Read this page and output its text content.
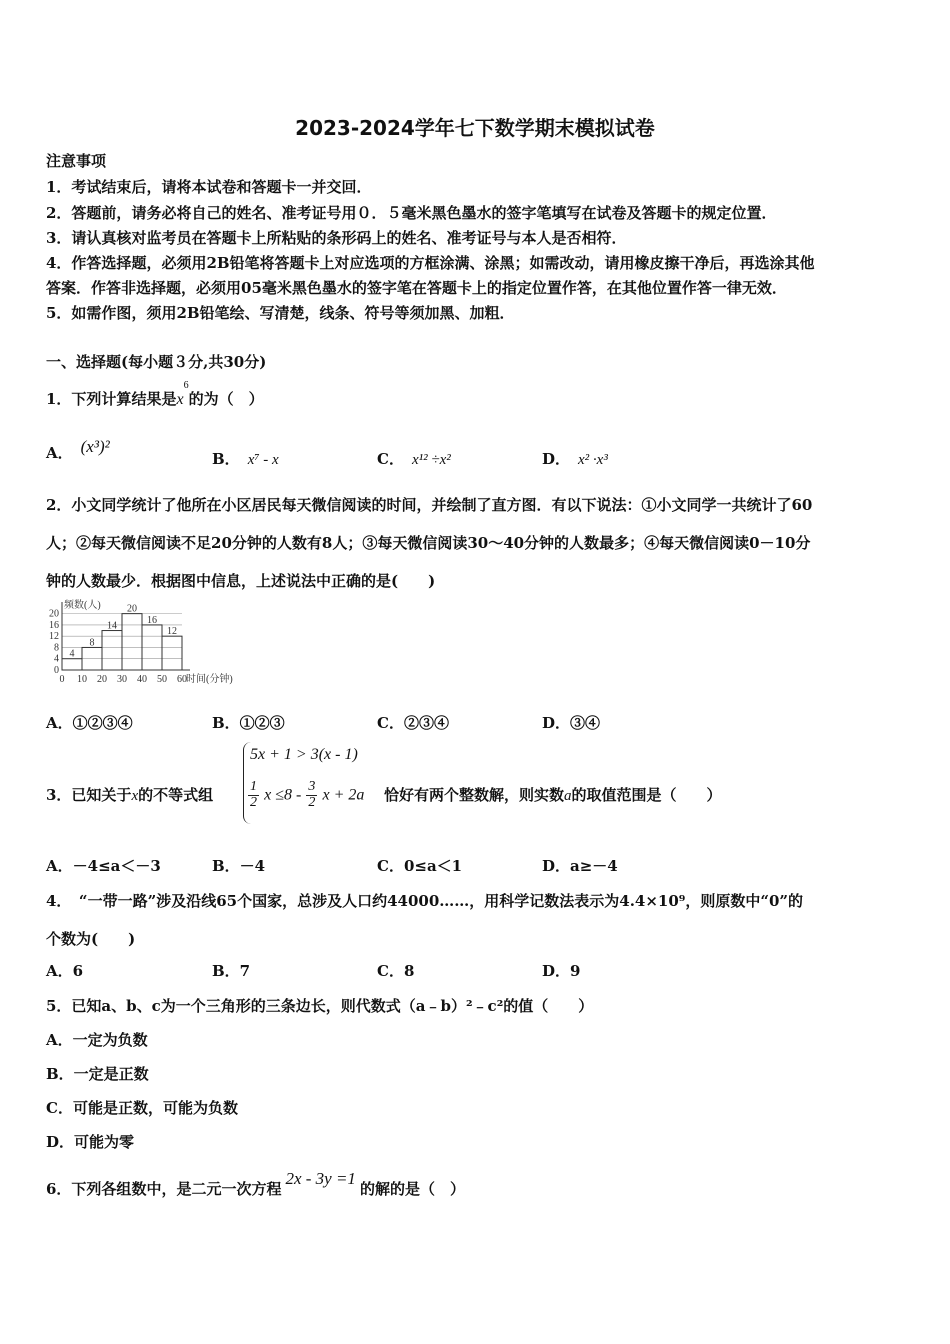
2023-2024学年七下数学期末模拟试卷
注意事项
1．考试结束后，请将本试卷和答题卡一并交回．
2．答题前，请务必将自己的姓名、准考证号用０．５毫米黑色墨水的签字笔填写在试卷及答题卡的规定位置．
3．请认真核对监考员在答题卡上所粘贴的条形码上的姓名、准考证号与本人是否相符．
4．作答选择题，必须用2B铅笔将答题卡上对应选项的方框涂满、涂黑；如需改动，请用橡皮擦干净后，再选涂其他
答案．作答非选择题，必须用05毫米黑色墨水的签字笔在答题卡上的指定位置作答，在其他位置作答一律无效．
5．如需作图，须用2B铅笔绘、写清楚，线条、符号等须加黑、加粗．
一、选择题(每小题３分,共30分)
1．下列计算结果是$x^6$的为（　）
A． (x³)²
B． x⁷ - x	C． x¹² ÷x²	D． x² ·x³
2．小文同学统计了他所在小区居民每天微信阅读的时间，并绘制了直方图．有以下说法：①小文同学一共统计了60
人；②每天微信阅读不足20分钟的人数有8人；③每天微信阅读30～40分钟的人数最多；④每天微信阅读0－10分
钟的人数最少．根据图中信息，上述说法中正确的是(　　)
4
8
14
20
16
12
0
4
8
12
16
20
0 10 20 30 40 50 60
频数(人)
时间(分钟)
A．①②③④	B．①②③	C．②③④	D．③④
3．已知关于x的不等式组
5x + 1 > 3(x - 1)
$\frac{1}{2}$ $x \le 8 - \frac{3}{2}$ x + 2a 恰好有两个整数解，则实数a的取值范围是（　　）
A．－4≤a＜－3	B．－4	C．0≤a＜1	D．a≥－4
4．　“一带一路”涉及沿线65个国家，总涉及人口约44000……，用科学记数法表示为4.4×10⁹，则原数中“0”的
个数为(　　)
A．6	B．7	C．8	D．9
5．已知a、b、c为一个三角形的三条边长，则代数式（a﹣b）²﹣c²的值（　　）
A．一定为负数
B．一定是正数
C．可能是正数，可能为负数
D．可能为零
6．下列各组数中，是二元一次方程2x - 3y =1的解的是（　）
